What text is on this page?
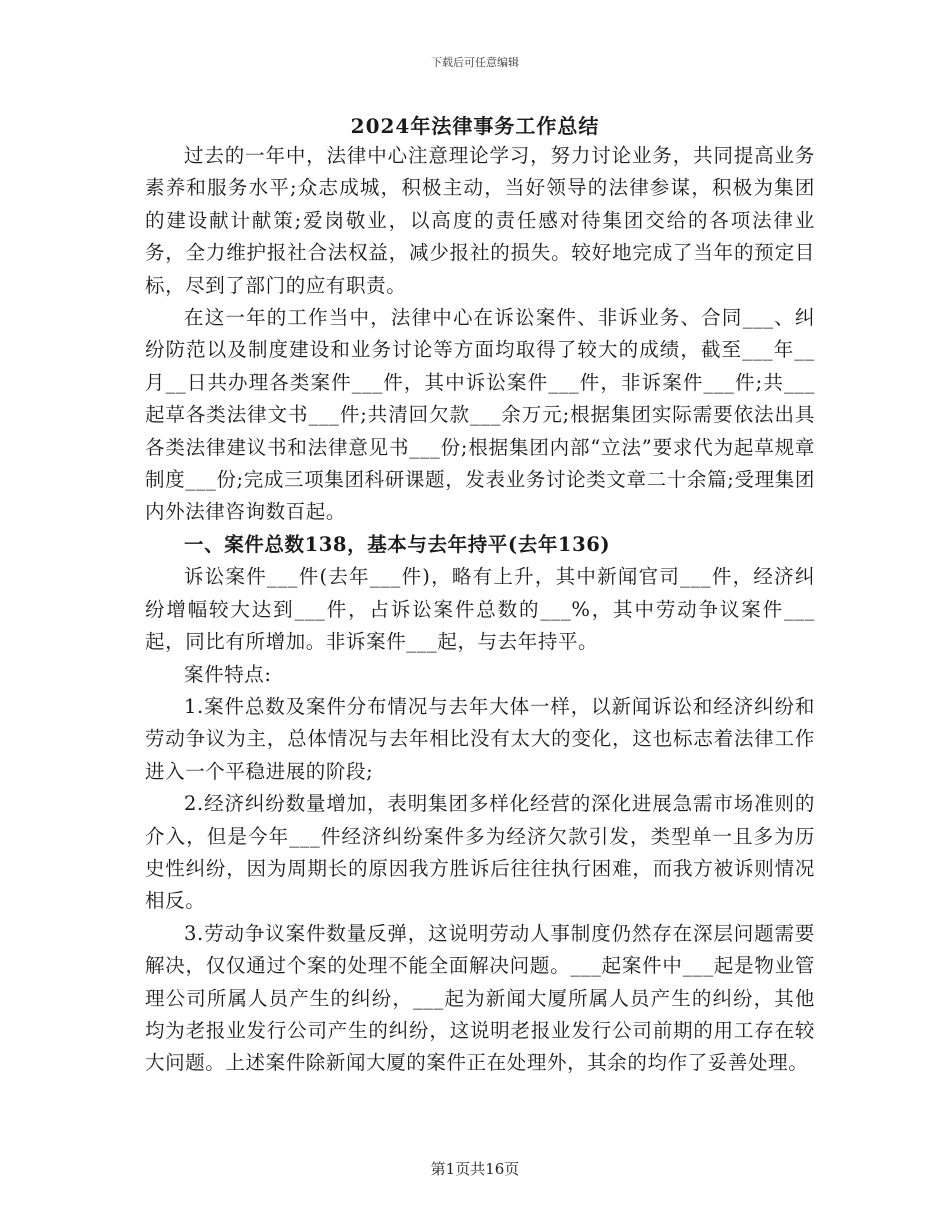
下载后可任意编辑
2024年法律事务工作总结

过去的一年中，法律中心注意理论学习，努力讨论业务，共同提高业务素养和服务水平;众志成城，积极主动，当好领导的法律参谋，积极为集团的建设献计献策;爱岗敬业，以高度的责任感对待集团交给的各项法律业务，全力维护报社合法权益，减少报社的损失。较好地完成了当年的预定目标，尽到了部门的应有职责。

在这一年的工作当中，法律中心在诉讼案件、非诉业务、合同___、纠纷防范以及制度建设和业务讨论等方面均取得了较大的成绩，截至___年__月__日共办理各类案件___件，其中诉讼案件___件，非诉案件___件;共___起草各类法律文书___件;共清回欠款___余万元;根据集团实际需要依法出具各类法律建议书和法律意见书___份;根据集团内部“立法”要求代为起草规章制度___份;完成三项集团科研课题，发表业务讨论类文章二十余篇;受理集团内外法律咨询数百起。

一、案件总数138，基本与去年持平(去年136)

诉讼案件___件(去年___件)，略有上升，其中新闻官司___件，经济纠纷增幅较大达到___件，占诉讼案件总数的___%，其中劳动争议案件___起，同比有所增加。非诉案件___起，与去年持平。

案件特点:

1.案件总数及案件分布情况与去年大体一样，以新闻诉讼和经济纠纷和劳动争议为主，总体情况与去年相比没有太大的变化，这也标志着法律工作进入一个平稳进展的阶段;

2.经济纠纷数量增加，表明集团多样化经营的深化进展急需市场准则的介入，但是今年___件经济纠纷案件多为经济欠款引发，类型单一且多为历史性纠纷，因为周期长的原因我方胜诉后往往执行困难，而我方被诉则情况相反。

3.劳动争议案件数量反弹，这说明劳动人事制度仍然存在深层问题需要解决，仅仅通过个案的处理不能全面解决问题。___起案件中___起是物业管理公司所属人员产生的纠纷，___起为新闻大厦所属人员产生的纠纷，其他均为老报业发行公司产生的纠纷，这说明老报业发行公司前期的用工存在较大问题。上述案件除新闻大厦的案件正在处理外，其余的均作了妥善处理。

第1页共16页
